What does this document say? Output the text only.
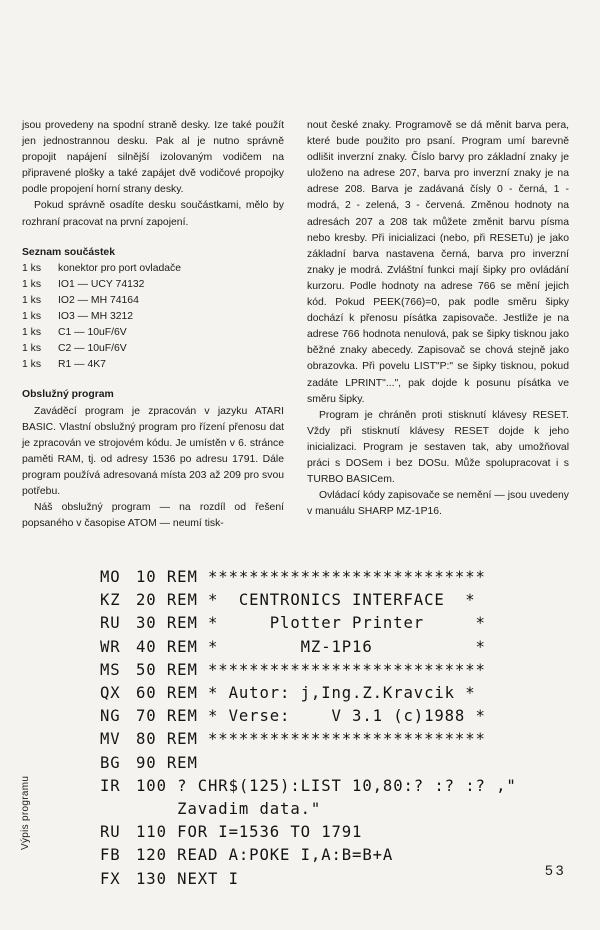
jsou provedeny na spodní straně desky. Ize také použít jen jednostrannou desku. Pak al je nutno správně propojit napájení silnější izolovaným vodičem na připravené plošky a také zapájet dvě vodičové propojky podle propojení horní strany desky.

Pokud správně osadíte desku součástkami, mělo by rozhraní pracovat na první zapojení.

Seznam součástek

1 ks	konektor pro port ovladače
1 ks	IO1 — UCY 74132
1 ks	IO2 — MH 74164
1 ks	IO3 — MH 3212
1 ks	C1 — 10uF/6V
1 ks	C2 — 10uF/6V
1 ks	R1 — 4K7

Obslužný program

Zaváděcí program je zpracován v jazyku ATARI BASIC. Vlastní obslužný program pro řízení přenosu dat je zpracován ve strojovém kódu. Je umístěn v 6. stránce paměti RAM, tj. od adresy 1536 po adresu 1791. Dále program používá adresovaná místa 203 až 209 pro svou potřebu.

Náš obslužný program — na rozdíl od řešení popsaného v časopise ATOM — neumí tisk-

nout české znaky. Programově se dá měnit barva pera, které bude použito pro psaní. Program umí barevně odlišit inverzní znaky. Číslo barvy pro základní znaky je uloženo na adrese 207, barva pro inverzní znaky je na adrese 208. Barva je zadávaná čísly 0 - černá, 1 - modrá, 2 - zelená, 3 - červená. Změnou hodnoty na adresách 207 a 208 tak můžete změnit barvu písma nebo kresby. Při inicializaci (nebo, při RESETu) je jako základní barva nastavena černá, barva pro inverzní znaky je modrá. Zvláštní funkci mají šipky pro ovládání kurzoru. Podle hodnoty na adrese 766 se mění jejich kód. Pokud PEEK(766)=0, pak podle směru šipky dochází k přenosu písátka zapisovače. Jestliže je na adrese 766 hodnota nenulová, pak se šipky tisknou jako běžné znaky abecedy. Zapisovač se chová stejně jako obrazovka. Při povelu LIST"P:" se šipky tisknou, pokud zadáte LPRINT"...", pak dojde k posunu písátka ve směru šipky.

Program je chráněn proti stisknutí klávesy RESET. Vždy při stisknutí klávesy RESET dojde k jeho inicializaci. Program je sestaven tak, aby umožňoval práci s DOSem i bez DOSu. Může spolupracovat i s TURBO BASICem.

Ovládací kódy zapisovače se nemění — jsou uvedeny v manuálu SHARP MZ-1P16.

MO 10 REM ***************************
KZ 20 REM *  CENTRONICS INTERFACE  *
RU 30 REM *     Plotter Printer     *
WR 40 REM *        MZ-1P16          *
MS 50 REM ***************************
QX 60 REM * Autor: j,Ing.Z.Kravcik *
NG 70 REM * Verse:    V 3.1 (c)1988 *
MV 80 REM ***************************
BG 90 REM
IR 100 ? CHR$(125):LIST 10,80:? :? :? ,"
Zavadim data."
RU 110 FOR I=1536 TO 1791
FB 120 READ A:POKE I,A:B=B+A
FX 130 NEXT I
Výpis programu
53
